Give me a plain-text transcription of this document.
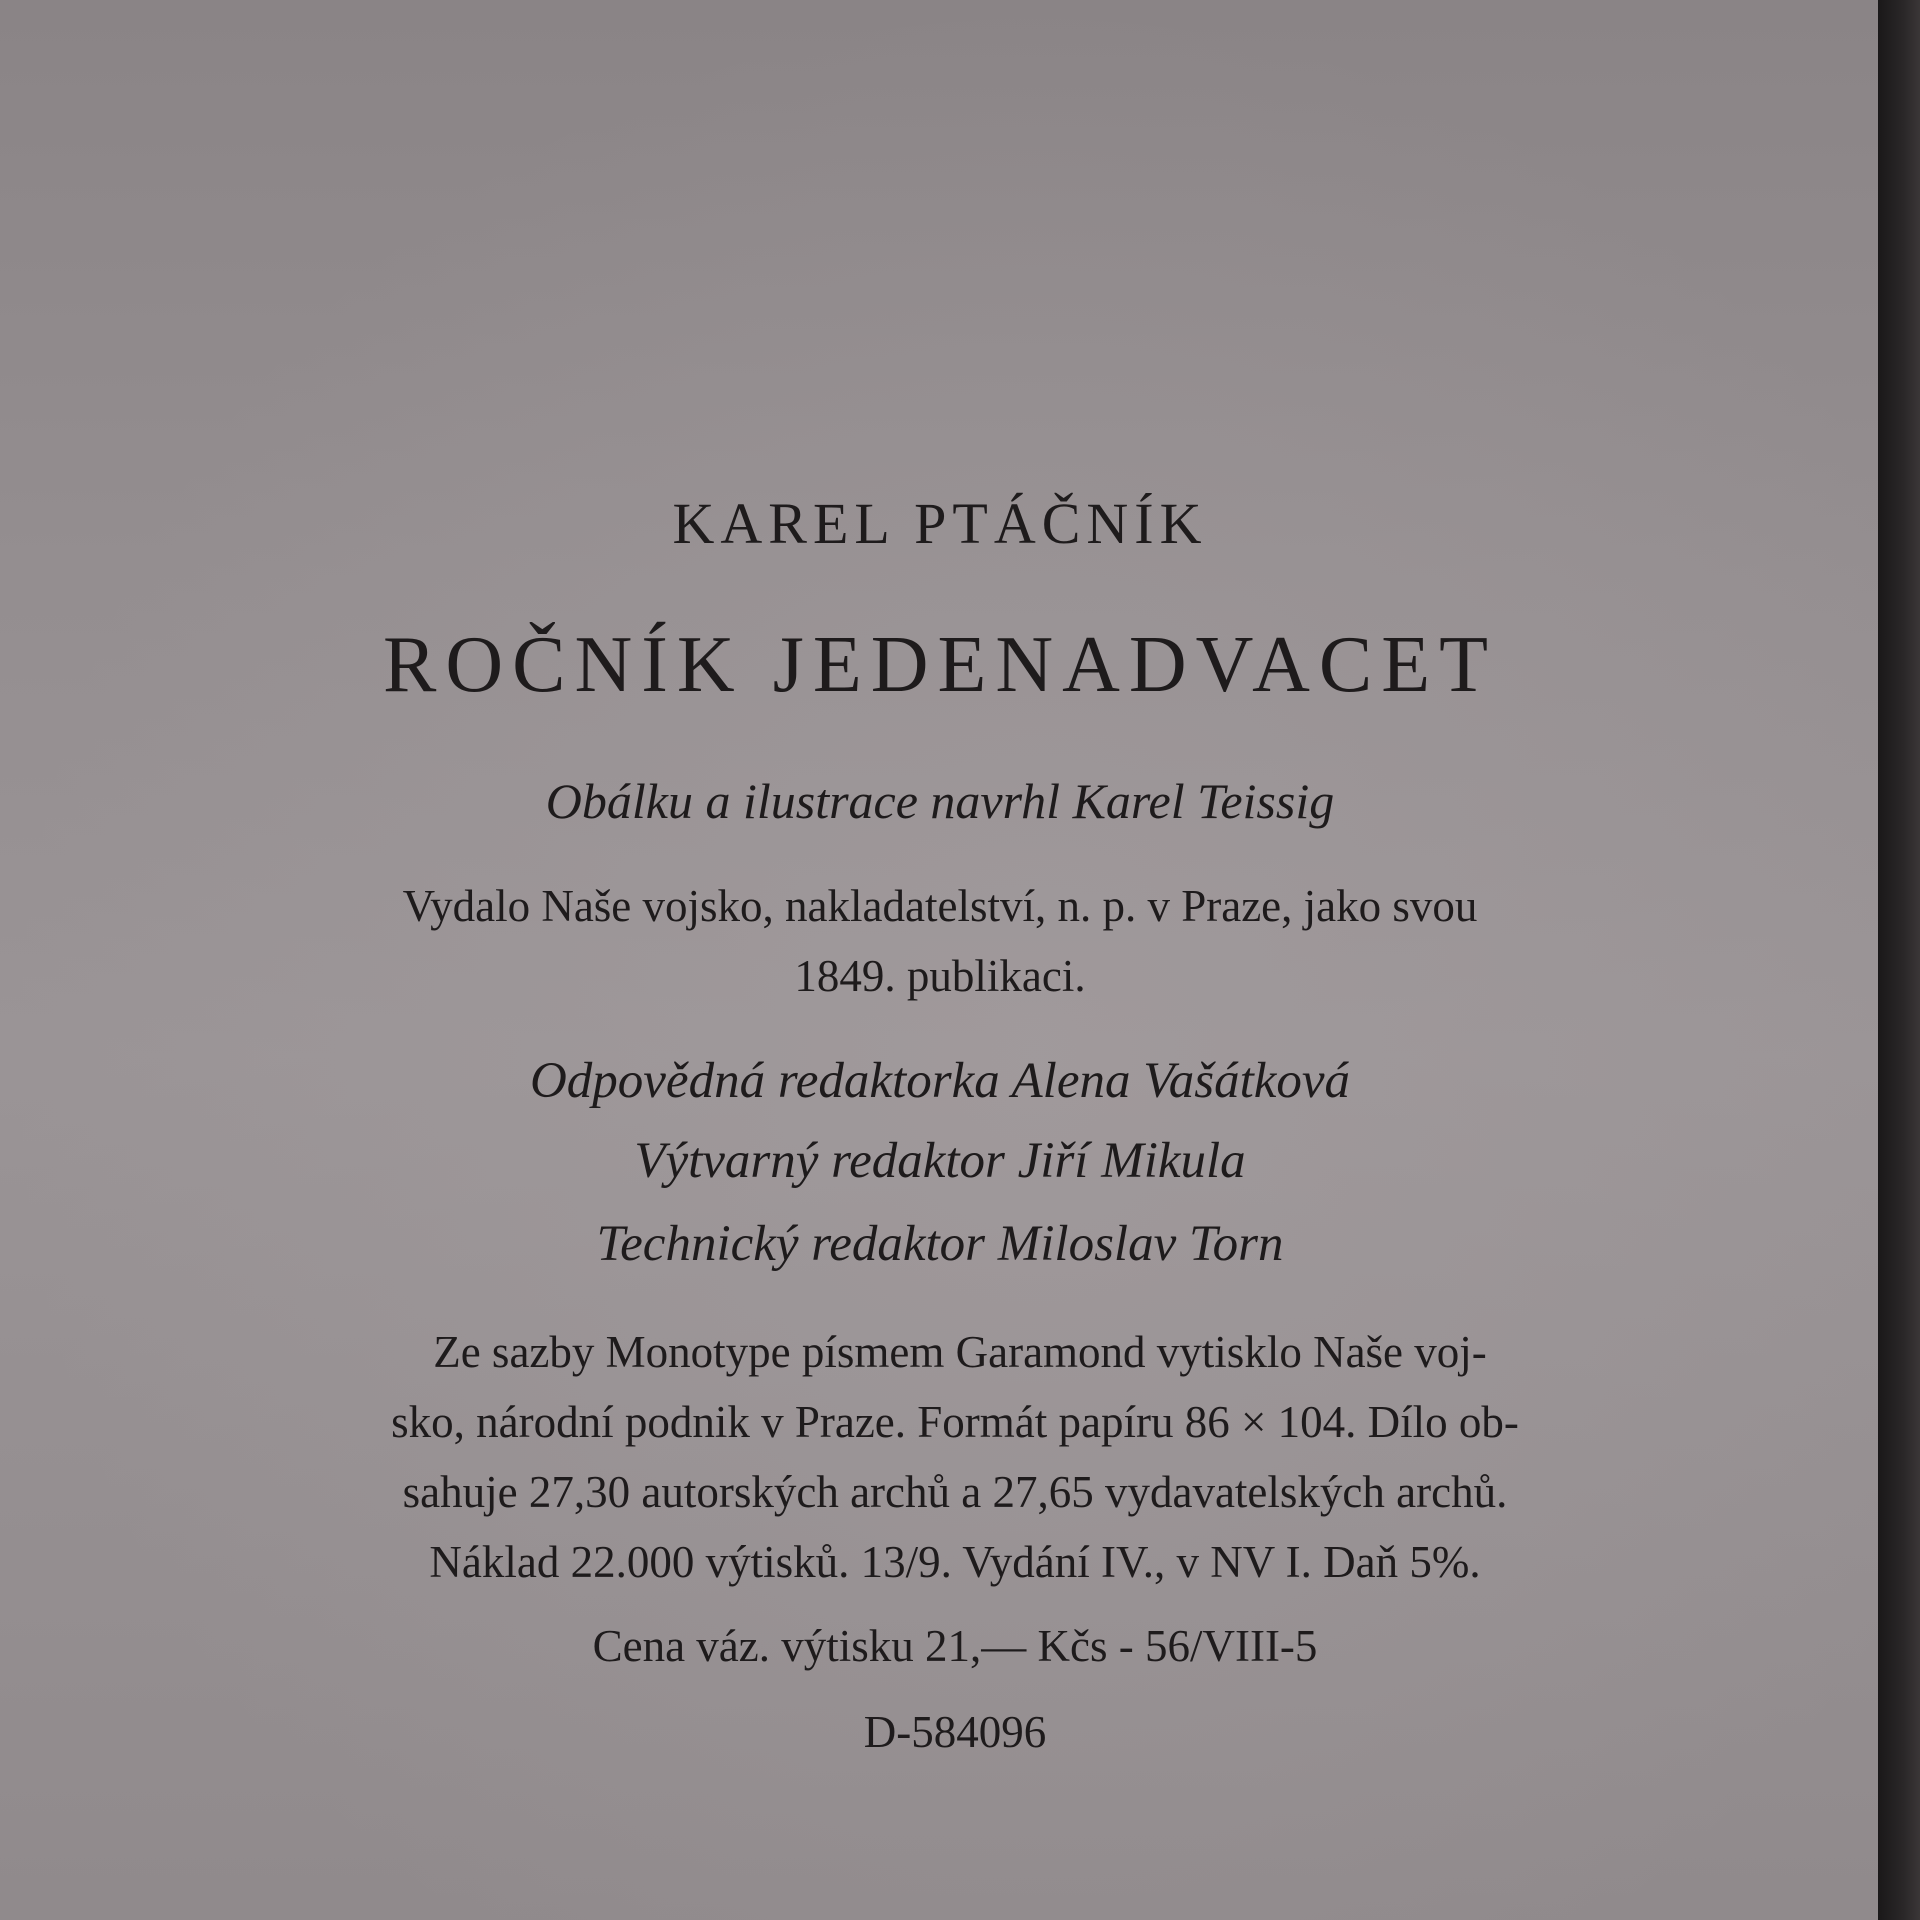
KAREL PTÁČNÍK
ROČNÍK JEDENADVACET
Obálku a ilustrace navrhl Karel Teissig
Vydalo Naše vojsko, nakladatelství, n. p. v Praze, jako svou
1849. publikaci.
Odpovědná redaktorka Alena Vašátková
Výtvarný redaktor Jiří Mikula
Technický redaktor Miloslav Torn
Ze sazby Monotype písmem Garamond vytisklo Naše voj-
sko, národní podnik v Praze. Formát papíru 86 × 104. Dílo ob-
sahuje 27,30 autorských archů a 27,65 vydavatelských archů.
Náklad 22.000 výtisků. 13/9. Vydání IV., v NV I. Daň 5%.
Cena váz. výtisku 21,— Kčs - 56/VIII-5
D-584096
